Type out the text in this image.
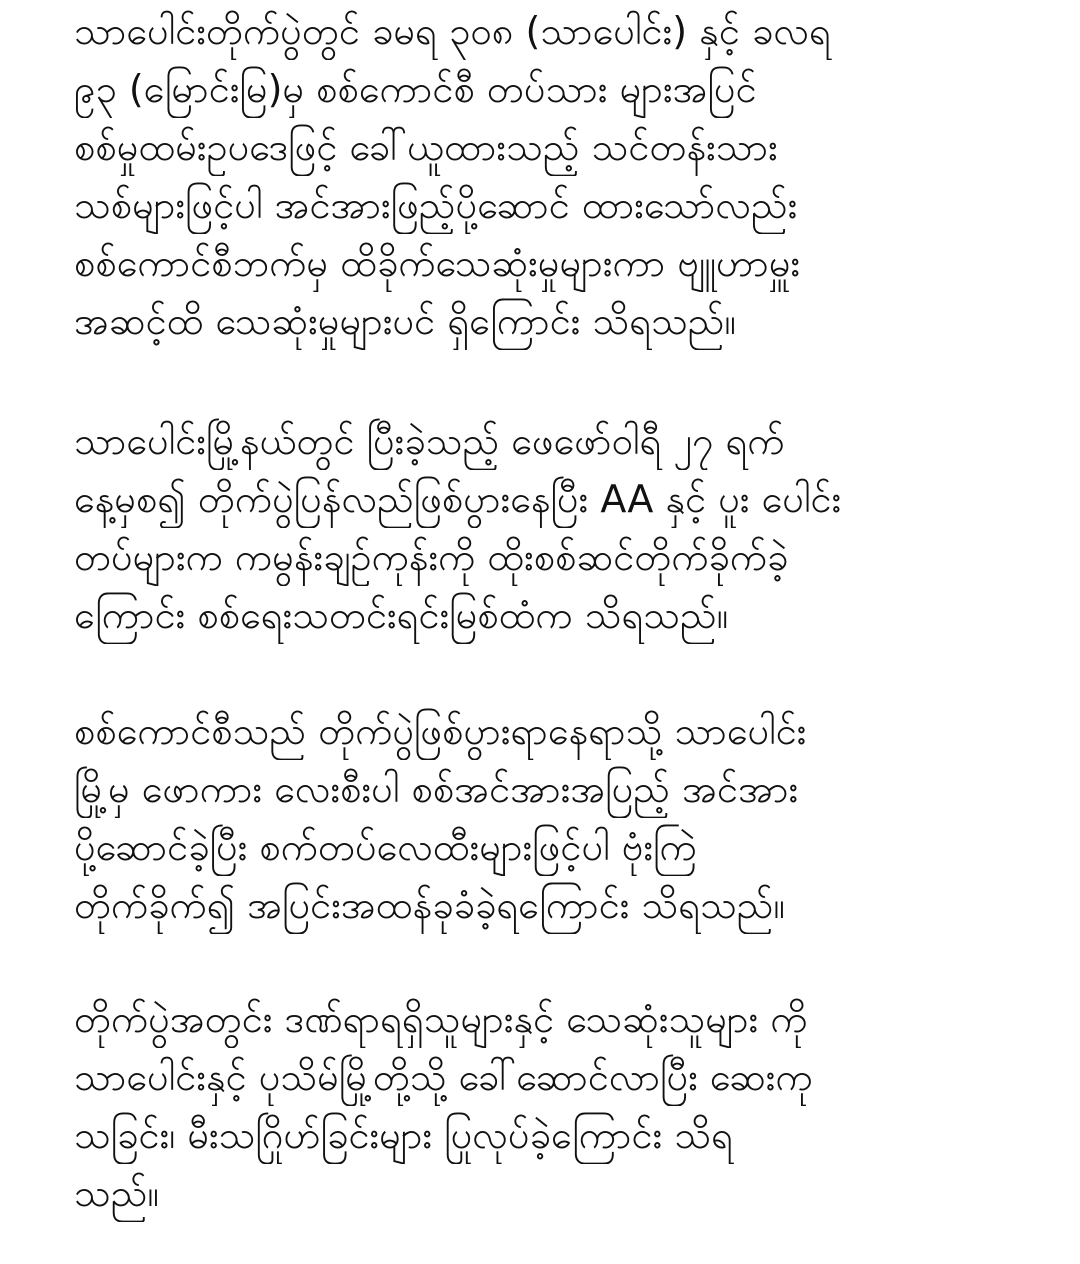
သာပေါင်းတိုက်ပွဲတွင် ခမရ ၃၀၈ (သာပေါင်း) နှင့် ခလရ
၉၃ (မြောင်းမြ)မှ စစ်ကောင်စီ တပ်သား များအပြင်
စစ်မှုထမ်းဥပဒေဖြင့် ခေါ်ယူထားသည့် သင်တန်းသား
သစ်များဖြင့်ပါ အင်အားဖြည့်ပို့ဆောင် ထားသော်လည်း
စစ်ကောင်စီဘက်မှ ထိခိုက်သေဆုံးမှုများကာ ဗျူဟာမှူး
အဆင့်ထိ သေဆုံးမှုများပင် ရှိကြောင်း သိရသည်။

သာပေါင်းမြို့နယ်တွင် ပြီးခဲ့သည့် ဖေဖော်ဝါရီ ၂၇ ရက်
နေ့မှစ၍ တိုက်ပွဲပြန်လည်ဖြစ်ပွားနေပြီး AA နှင့် ပူး ပေါင်း
တပ်များက ကမွန်းချဉ်ကုန်းကို ထိုးစစ်ဆင်တိုက်ခိုက်ခဲ့
ကြောင်း စစ်ရေးသတင်းရင်းမြစ်ထံက သိရသည်။

စစ်ကောင်စီသည် တိုက်ပွဲဖြစ်ပွားရာနေရာသို့ သာပေါင်း
မြို့မှ ဖောကား လေးစီးပါ စစ်အင်အားအပြည့် အင်အား
ပို့ဆောင်ခဲ့ပြီး စက်တပ်လေထီးများဖြင့်ပါ ဗုံးကြဲ
တိုက်ခိုက်၍ အပြင်းအထန်ခုခံခဲ့ရကြောင်း သိရသည်။

တိုက်ပွဲအတွင်း ဒဏ်ရာရရှိသူများနှင့် သေဆုံးသူများ ကို
သာပေါင်းနှင့် ပုသိမ်မြို့တို့သို့ ခေါ်ဆောင်လာပြီး ဆေးကု
သခြင်း၊ မီးသဂြိုဟ်ခြင်းများ ပြုလုပ်ခဲ့ကြောင်း သိရ
သည်။
